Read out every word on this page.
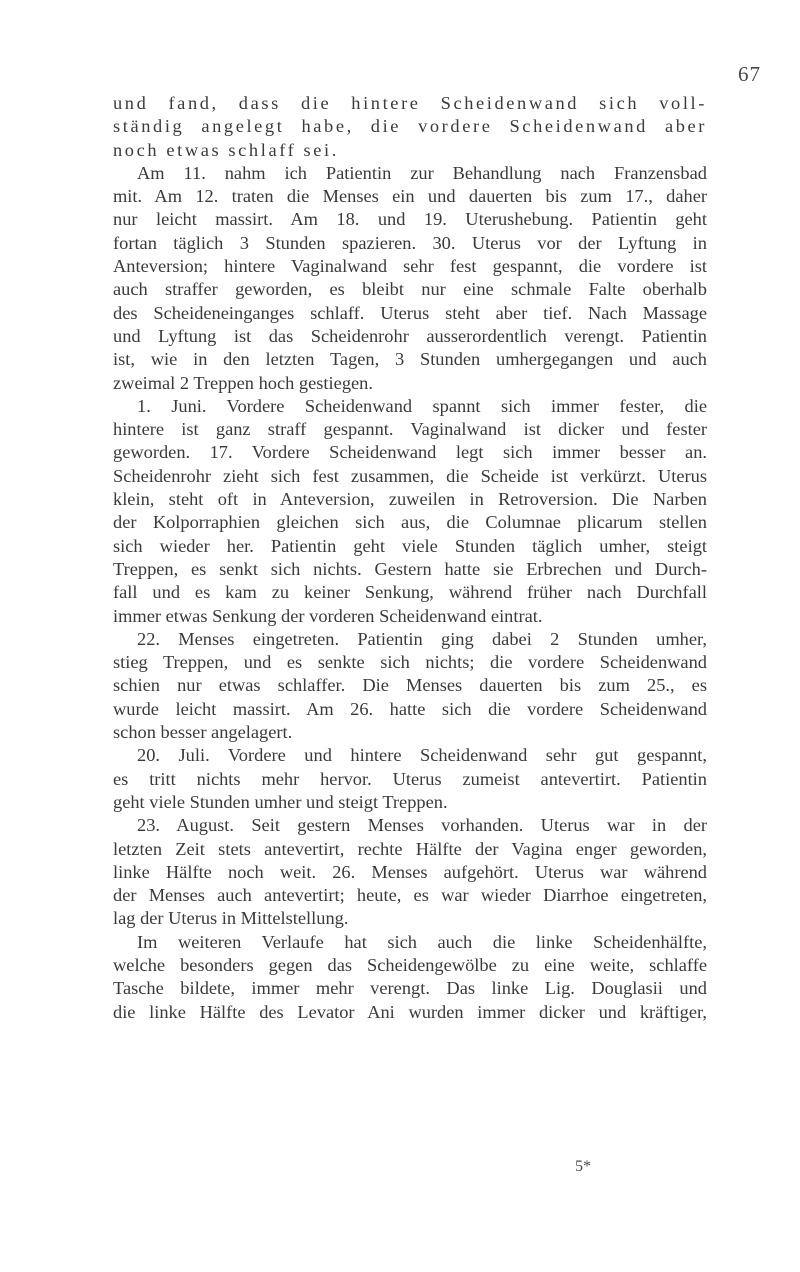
67
und fand, dass die hintere Scheidenwand sich voll-
ständig angelegt habe, die vordere Scheidenwand aber
noch etwas schlaff sei.
Am 11. nahm ich Patientin zur Behandlung nach Franzensbad
mit. Am 12. traten die Menses ein und dauerten bis zum 17., daher
nur leicht massirt. Am 18. und 19. Uterushebung. Patientin geht
fortan täglich 3 Stunden spazieren. 30. Uterus vor der Lyftung in
Anteversion; hintere Vaginalwand sehr fest gespannt, die vordere ist
auch straffer geworden, es bleibt nur eine schmale Falte oberhalb
des Scheideneinganges schlaff. Uterus steht aber tief. Nach Massage
und Lyftung ist das Scheidenrohr ausserordentlich verengt. Patientin
ist, wie in den letzten Tagen, 3 Stunden umhergegangen und auch
zweimal 2 Treppen hoch gestiegen.
1. Juni. Vordere Scheidenwand spannt sich immer fester, die
hintere ist ganz straff gespannt. Vaginalwand ist dicker und fester
geworden. 17. Vordere Scheidenwand legt sich immer besser an.
Scheidenrohr zieht sich fest zusammen, die Scheide ist verkürzt. Uterus
klein, steht oft in Anteversion, zuweilen in Retroversion. Die Narben
der Kolporraphien gleichen sich aus, die Columnae plicarum stellen
sich wieder her. Patientin geht viele Stunden täglich umher, steigt
Treppen, es senkt sich nichts. Gestern hatte sie Erbrechen und Durch-
fall und es kam zu keiner Senkung, während früher nach Durchfall
immer etwas Senkung der vorderen Scheidenwand eintrat.
22. Menses eingetreten. Patientin ging dabei 2 Stunden umher,
stieg Treppen, und es senkte sich nichts; die vordere Scheidenwand
schien nur etwas schlaffer. Die Menses dauerten bis zum 25., es
wurde leicht massirt. Am 26. hatte sich die vordere Scheidenwand
schon besser angelagert.
20. Juli. Vordere und hintere Scheidenwand sehr gut gespannt,
es tritt nichts mehr hervor. Uterus zumeist antevertirt. Patientin
geht viele Stunden umher und steigt Treppen.
23. August. Seit gestern Menses vorhanden. Uterus war in der
letzten Zeit stets antevertirt, rechte Hälfte der Vagina enger geworden,
linke Hälfte noch weit. 26. Menses aufgehört. Uterus war während
der Menses auch antevertirt; heute, es war wieder Diarrhoe eingetreten,
lag der Uterus in Mittelstellung.
Im weiteren Verlaufe hat sich auch die linke Scheidenhälfte,
welche besonders gegen das Scheidengewölbe zu eine weite, schlaffe
Tasche bildete, immer mehr verengt. Das linke Lig. Douglasii und
die linke Hälfte des Levator Ani wurden immer dicker und kräftiger,
5*
